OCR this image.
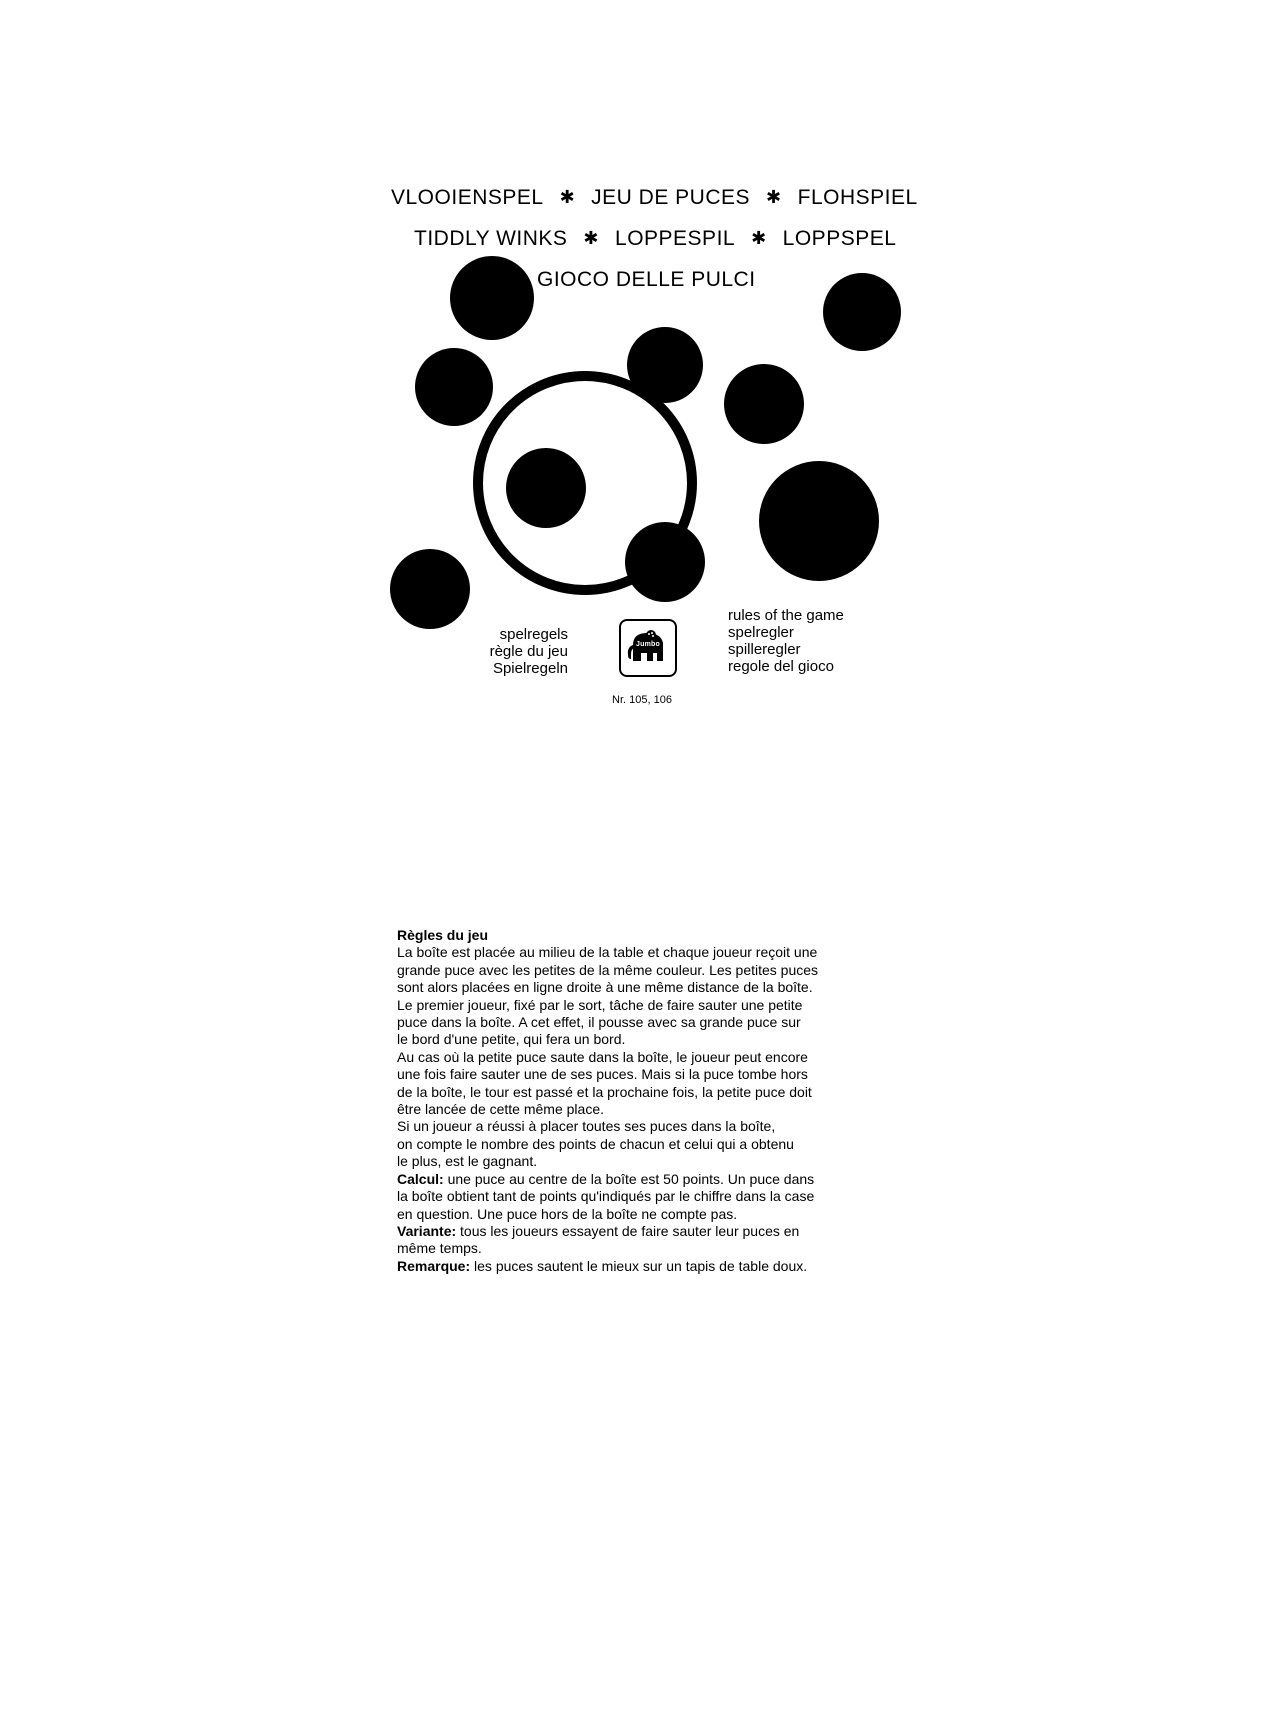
VLOOIENSPEL ✱ JEU DE PUCES ✱ FLOHSPIEL
TIDDLY WINKS ✱ LOPPESPIL ✱ LOPPSPEL
GIOCO DELLE PULCI
spelregels
règle du jeu
Spielregeln
Jumbo
rules of the game
spelregler
spilleregler
regole del gioco
Nr. 105, 106

Règles du jeu

La boîte est placée au milieu de la table et chaque joueur reçoit une

grande puce avec les petites de la même couleur. Les petites puces

sont alors placées en ligne droite à une même distance de la boîte.

Le premier joueur, fixé par le sort, tâche de faire sauter une petite

puce dans la boîte. A cet effet, il pousse avec sa grande puce sur

le bord d'une petite, qui fera un bord.

Au cas où la petite puce saute dans la boîte, le joueur peut encore

une fois faire sauter une de ses puces. Mais si la puce tombe hors

de la boîte, le tour est passé et la prochaine fois, la petite puce doit

être lancée de cette même place.

Si un joueur a réussi à placer toutes ses puces dans la boîte,

on compte le nombre des points de chacun et celui qui a obtenu

le plus, est le gagnant.

Calcul: une puce au centre de la boîte est 50 points. Un puce dans

la boîte obtient tant de points qu'indiqués par le chiffre dans la case

en question. Une puce hors de la boîte ne compte pas.

Variante: tous les joueurs essayent de faire sauter leur puces en

même temps.

Remarque: les puces sautent le mieux sur un tapis de table doux.
